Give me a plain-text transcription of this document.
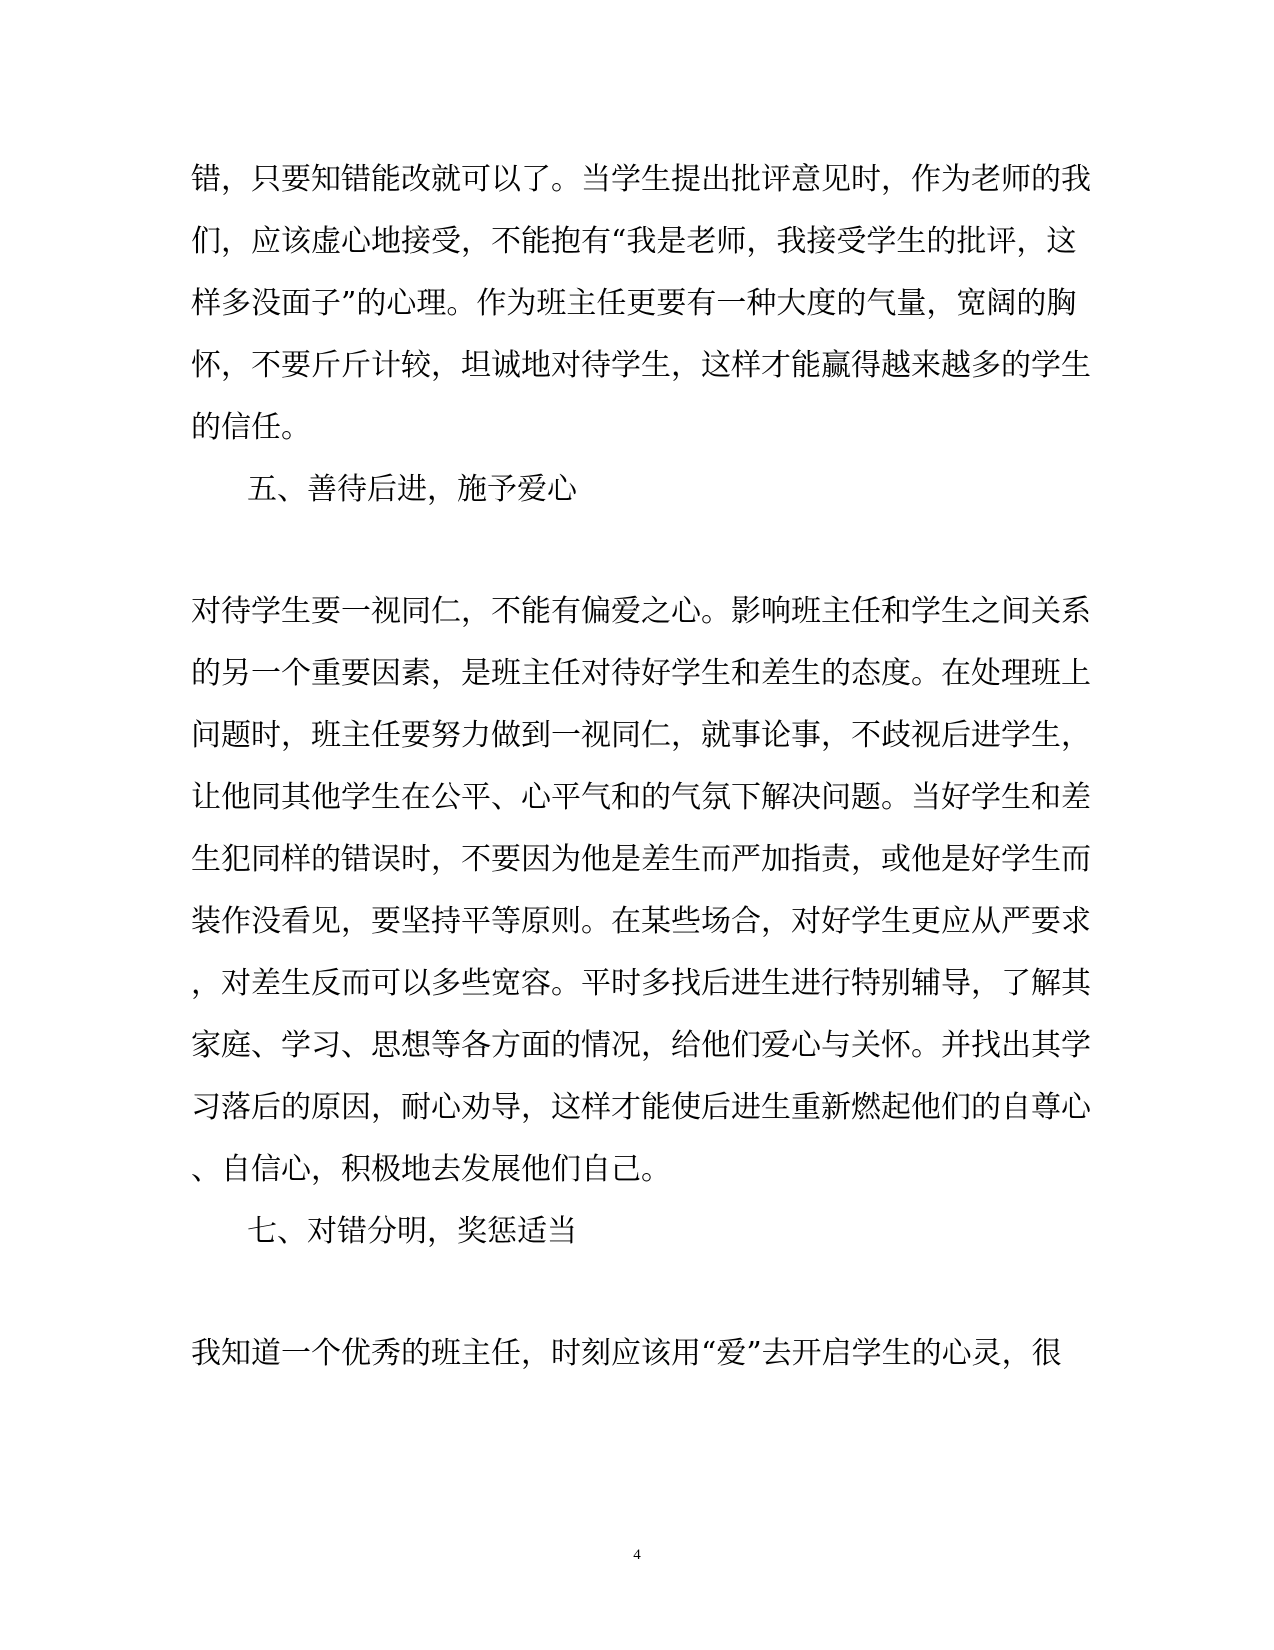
错，只要知错能改就可以了。当学生提出批评意见时，作为老师的我
们，应该虚心地接受，不能抱有“我是老师，我接受学生的批评，这
样多没面子”的心理。作为班主任更要有一种大度的气量，宽阔的胸
怀，不要斤斤计较，坦诚地对待学生，这样才能赢得越来越多的学生
的信任。
五、善待后进，施予爱心
对待学生要一视同仁，不能有偏爱之心。影响班主任和学生之间关系
的另一个重要因素，是班主任对待好学生和差生的态度。在处理班上
问题时，班主任要努力做到一视同仁，就事论事，不歧视后进学生，
让他同其他学生在公平、心平气和的气氛下解决问题。当好学生和差
生犯同样的错误时，不要因为他是差生而严加指责，或他是好学生而
装作没看见，要坚持平等原则。在某些场合，对好学生更应从严要求
，对差生反而可以多些宽容。平时多找后进生进行特别辅导，了解其
家庭、学习、思想等各方面的情况，给他们爱心与关怀。并找出其学
习落后的原因，耐心劝导，这样才能使后进生重新燃起他们的自尊心
、自信心，积极地去发展他们自己。
七、对错分明，奖惩适当
我知道一个优秀的班主任，时刻应该用“爱”去开启学生的心灵，很
4
